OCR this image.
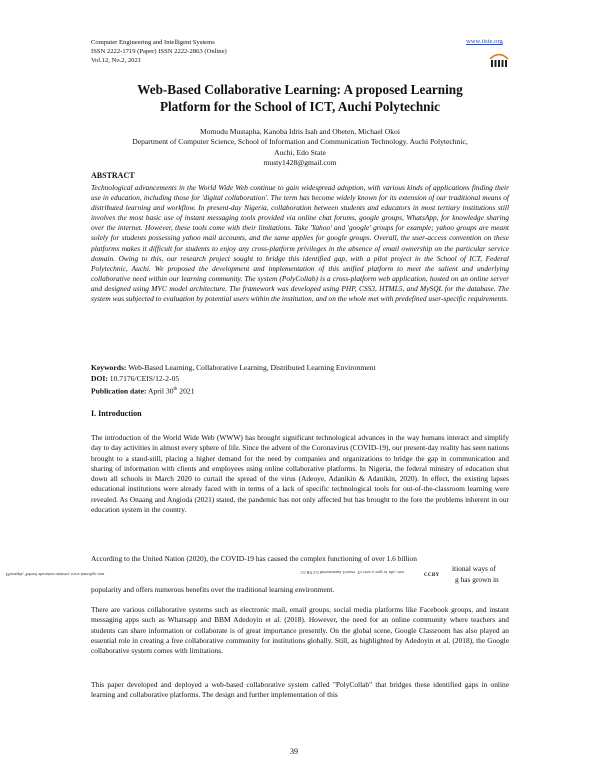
Computer Engineering and Intelligent Systems
ISSN 2222-1719 (Paper) ISSN 2222-2863 (Online)
Vol.12, No.2, 2021
www.iiste.org
Web-Based Collaborative Learning: A proposed Learning
Platform for the School of ICT, Auchi Polytechnic
Momodu Mustapha, Kanoba Idris Isah and Obeten, Michael Okoi
Department of Computer Science, School of Information and Communication Technology. Auchi Polytechnic,
Auchi, Edo State
musty1428@gmail.com
ABSTRACT
Technological advancements in the World Wide Web continue to gain widespread adoption, with various kinds of applications finding their use in education, including those for 'digital collaboration'. The term has become widely known for its extension of our traditional means of distributed learning and workflow. In present-day Nigeria, collaboration between students and educators in most tertiary institutions still involves the most basic use of instant messaging tools provided via online chat forums, google groups, WhatsApp, for knowledge sharing over the internet. However, these tools come with their limitations. Take 'Yahoo' and 'google' groups for example; yahoo groups are meant solely for students possessing yahoo mail accounts, and the same applies for google groups. Overall, the user-access convention on these platforms makes it difficult for students to enjoy any cross-platform privileges in the absence of email ownership on the particular service domain. Owing to this, our research project sought to bridge this identified gap, with a pilot project in the School of ICT, Federal Polytechnic, Auchi. We proposed the development and implementation of this unified platform to meet the salient and underlying collaborative need within our learning community. The system (PolyCollab) is a cross-platform web application, hosted on an online server and designed using MVC model architecture. The framework was developed using PHP, CSS3, HTML5, and MySQL for the database. The system was subjected to evaluation by potential users within the institution, and on the whole met with predefined user-specific requirements.
Keywords: Web-Based Learning, Collaborative Learning, Distributed Learning Environment
DOI: 10.7176/CEIS/12-2-05
Publication date: April 30th 2021
I. Introduction

The introduction of the World Wide Web (WWW) has brought significant technological advances in the way humans interact and simplify day to day activities in almost every sphere of life. Since the advent of the Coronavirus (COVID-19), our present-day reality has seen nations brought to a stand-still, placing a higher demand for the need by companies and organizations to bridge the gap in communication and sharing of information with clients and employees using online collaborative platforms. In Nigeria, the federal ministry of education shut down all schools in March 2020 to curtail the spread of the virus (Adeoye, Adanikin & Adanikin, 2020). In effect, the existing lapses educational institutions were already faced with in terms of a lack of specific technological tools for out-of-the-classroom learning were revealed. As Onaang and Angioda (2021) stated, the pandemic has not only affected but has brought to the fore the problems inherent in our education system in the country.

According to the United Nation (2020), the COVID-19 has caused the complex functioning of over 1.6 billion

moc.spilcemit.www yrtsinim noitacude leredeF ,ahpatsuM	tisiv ,siht fo ypoc a weiv oT .esneciL lanoitanretnI 0.4 YB CC
CCBY
itional ways of
g has grown in

popularity and offers numerous benefits over the traditional learning environment.

There are various collaborative systems such as electronic mail, email groups, social media platforms like Facebook groups, and instant messaging apps such as Whatsapp and BBM Adedoyin et al. (2018). However, the need for an online community where teachers and students can share information or collaborate is of great importance presently. On the global scene, Google Classroom has also played an essential role in creating a free collaborative community for institutions globally. Still, as highlighted by Adedoyin et al. (2018), the Google collaborative system comes with limitations.

This paper developed and deployed a web-based collaborative system called "PolyCollab" that bridges these identified gaps in online learning and collaborative platforms. The design and further implementation of this

39
